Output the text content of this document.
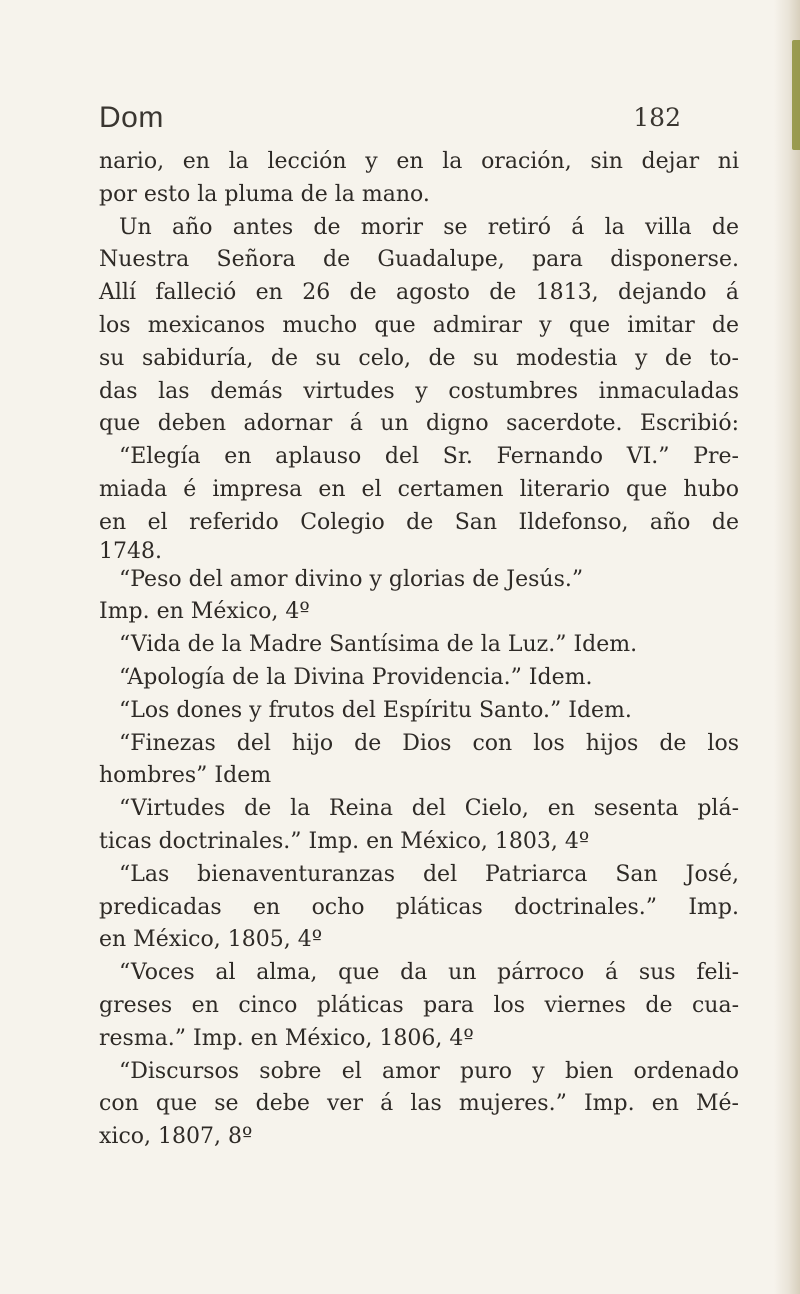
Dom	182
nario, en la lección y en la oración, sin dejar ni
por esto la pluma de la mano.
Un año antes de morir se retiró á la villa de
Nuestra Señora de Guadalupe, para disponerse.
Allí falleció en 26 de agosto de 1813, dejando á
los mexicanos mucho que admirar y que imitar de
su sabiduría, de su celo, de su modestia y de to-
das las demás virtudes y costumbres inmaculadas
que deben adornar á un digno sacerdote. Escribió:
“Elegía en aplauso del Sr. Fernando VI.” Pre-
miada é impresa en el certamen literario que hubo
en el referido Colegio de San Ildefonso, año de
1748.
“Peso del amor divino y glorias de Jesús.”
Imp. en México, 4º
“Vida de la Madre Santísima de la Luz.” Idem.
“Apología de la Divina Providencia.” Idem.
“Los dones y frutos del Espíritu Santo.” Idem.
“Finezas del hijo de Dios con los hijos de los
hombres” Idem
“Virtudes de la Reina del Cielo, en sesenta plá-
ticas doctrinales.” Imp. en México, 1803, 4º
“Las bienaventuranzas del Patriarca San José,
predicadas en ocho pláticas doctrinales.” Imp.
en México, 1805, 4º
“Voces al alma, que da un párroco á sus feli-
greses en cinco pláticas para los viernes de cua-
resma.” Imp. en México, 1806, 4º
“Discursos sobre el amor puro y bien ordenado
con que se debe ver á las mujeres.” Imp. en Mé-
xico, 1807, 8º
